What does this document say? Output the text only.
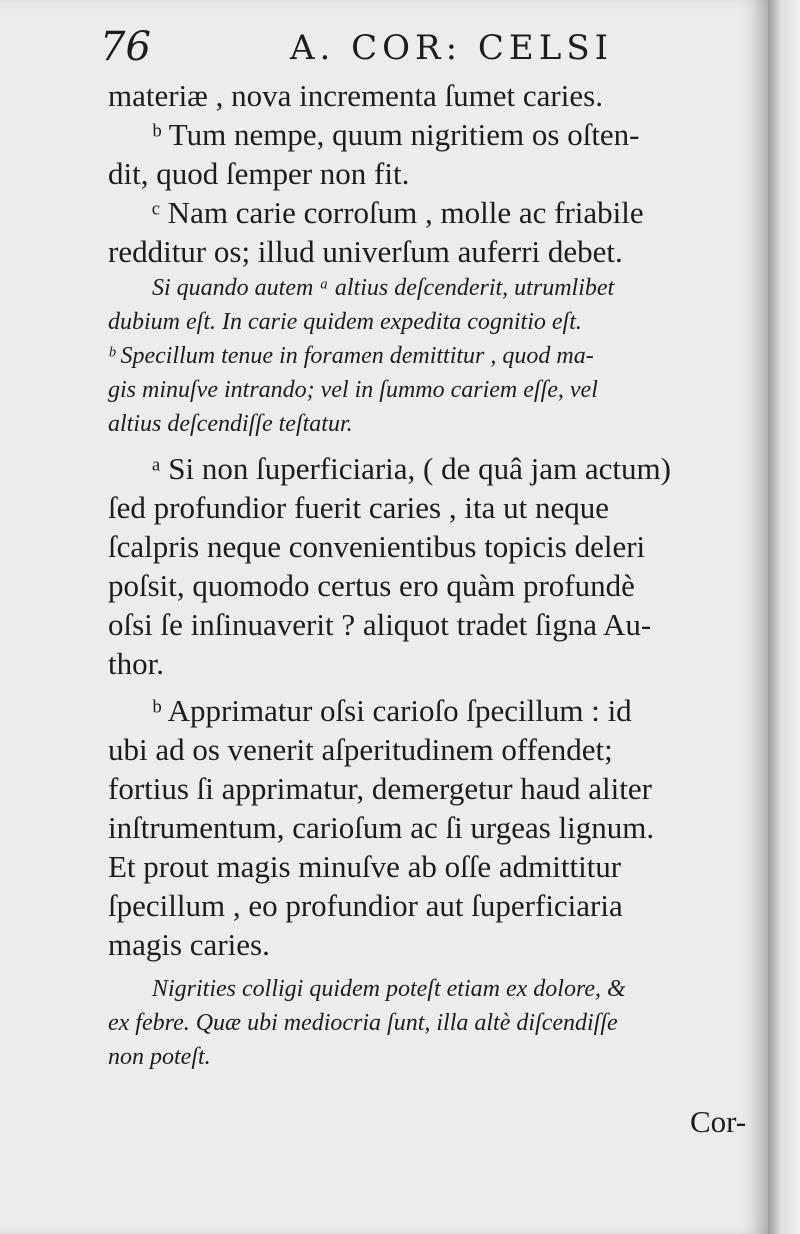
76	A. COR: CELSI
materiæ , nova incrementa ſumet caries.
ᵇ Tum nempe, quum nigritiem os oſten-
dit, quod ſemper non fit.
ᶜ Nam carie corroſum , molle ac friabile
redditur os; illud univerſum auferri debet.
Si quando autem ᵃ altius deſcenderit, utrumlibet
dubium eſt. In carie quidem expedita cognitio eſt.
ᵇ Specillum tenue in foramen demittitur , quod ma-
gis minuſve intrando; vel in ſummo cariem eſſe, vel
altius deſcendiſſe teſtatur.
ᵃ Si non ſuperficiaria, ( de quâ jam actum)
ſed profundior fuerit caries , ita ut neque
ſcalpris neque convenientibus topicis deleri
poſsit, quomodo certus ero quàm profundè
oſsi ſe inſinuaverit ? aliquot tradet ſigna Au-
thor.
ᵇ Apprimatur oſsi carioſo ſpecillum : id
ubi ad os venerit aſperitudinem offendet;
fortius ſi apprimatur, demergetur haud aliter
inſtrumentum, carioſum ac ſi urgeas lignum.
Et prout magis minuſve ab oſſe admittitur
ſpecillum , eo profundior aut ſuperficiaria
magis caries.
Nigrities colligi quidem poteſt etiam ex dolore, &
ex febre. Quæ ubi mediocria ſunt, illa altè diſcendiſſe
non poteſt.
Cor-
